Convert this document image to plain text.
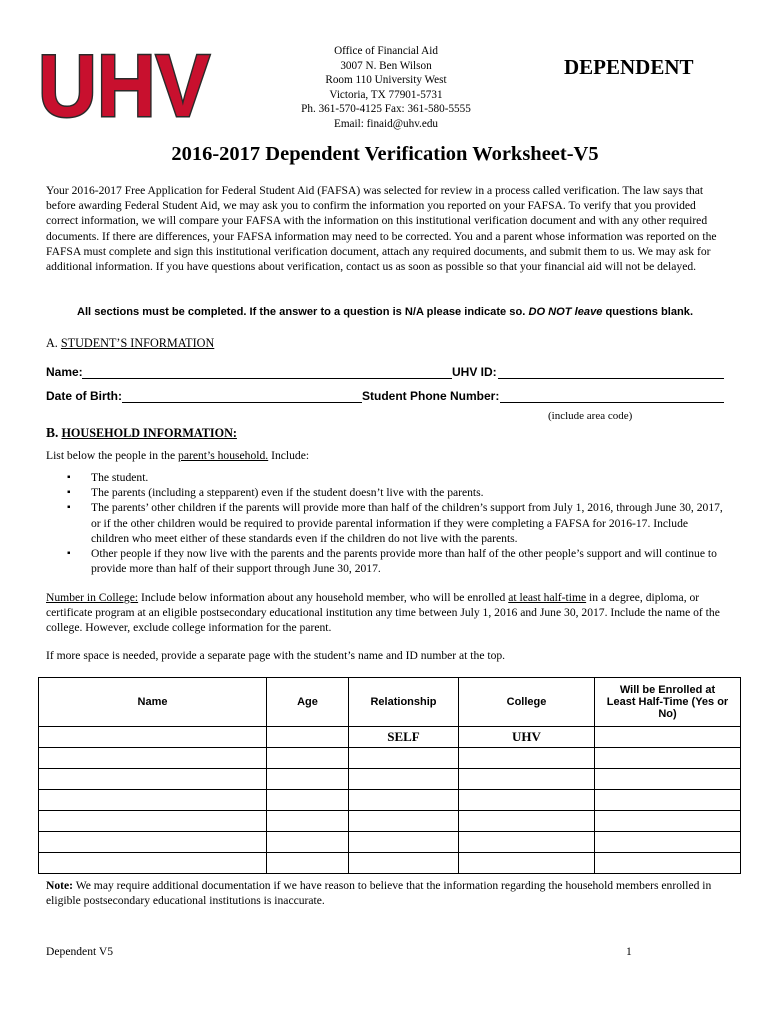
UHV	Office of Financial Aid
3007 N. Ben Wilson
Room 110 University West
Victoria, TX 77901-5731
Ph. 361-570-4125 Fax: 361-580-5555
Email: finaid@uhv.edu
DEPENDENT
2016-2017 Dependent Verification Worksheet-V5
Your 2016-2017 Free Application for Federal Student Aid (FAFSA) was selected for review in a process called verification. The law says that before awarding Federal Student Aid, we may ask you to confirm the information you reported on your FAFSA. To verify that you provided correct information, we will compare your FAFSA with the information on this institutional verification document and with any other required documents. If there are differences, your FAFSA information may need to be corrected. You and a parent whose information was reported on the FAFSA must complete and sign this institutional verification document, attach any required documents, and submit them to us. We may ask for additional information. If you have questions about verification, contact us as soon as possible so that your financial aid will not be delayed.
All sections must be completed. If the answer to a question is N/A please indicate so. DO NOT leave questions blank.
A. STUDENT’S INFORMATION
Name:	UHV ID:
Date of Birth:	Student Phone Number:
(include area code)
B. HOUSEHOLD INFORMATION:
List below the people in the parent’s household. Include:
▪ The student.
▪ The parents (including a stepparent) even if the student doesn’t live with the parents.
▪ The parents’ other children if the parents will provide more than half of the children’s support from July 1, 2016, through June 30, 2017, or if the other children would be required to provide parental information if they were completing a FAFSA for 2016-17. Include children who meet either of these standards even if the children do not live with the parents.
▪ Other people if they now live with the parents and the parents provide more than half of the other people’s support and will continue to provide more than half of their support through June 30, 2017.
Number in College: Include below information about any household member, who will be enrolled at least half-time in a degree, diploma, or certificate program at an eligible postsecondary educational institution any time between July 1, 2016 and June 30, 2017. Include the name of the college. However, exclude college information for the parent.
If more space is needed, provide a separate page with the student’s name and ID number at the top.
Name	Age	Relationship	College	Will be Enrolled at Least Half-Time (Yes or No)
		SELF	UHV	

Note: We may require additional documentation if we have reason to believe that the information regarding the household members enrolled in eligible postsecondary educational institutions is inaccurate.
Dependent V5	1
